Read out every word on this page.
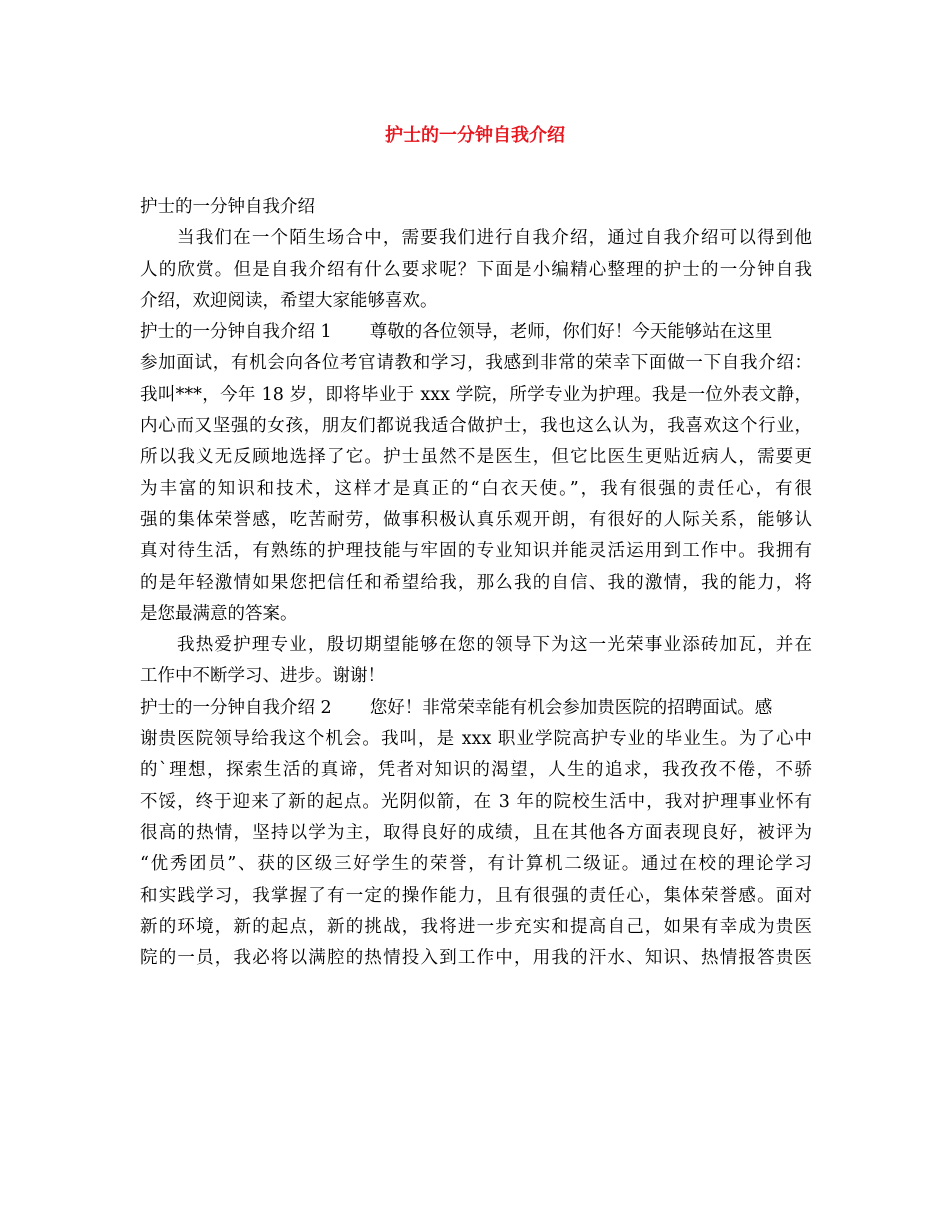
护士的一分钟自我介绍
护士的一分钟自我介绍
当我们在一个陌生场合中，需要我们进行自我介绍，通过自我介绍可以得到他
人的欣赏。但是自我介绍有什么要求呢？下面是小编精心整理的护士的一分钟自我
介绍，欢迎阅读，希望大家能够喜欢。
护士的一分钟自我介绍 1 尊敬的各位领导，老师，你们好！今天能够站在这里
参加面试，有机会向各位考官请教和学习，我感到非常的荣幸下面做一下自我介绍：
我叫***，今年 18 岁，即将毕业于 xxx 学院，所学专业为护理。我是一位外表文静，
内心而又坚强的女孩，朋友们都说我适合做护士，我也这么认为，我喜欢这个行业，
所以我义无反顾地选择了它。护士虽然不是医生，但它比医生更贴近病人，需要更
为丰富的知识和技术，这样才是真正的“白衣天使。”，我有很强的责任心，有很
强的集体荣誉感，吃苦耐劳，做事积极认真乐观开朗，有很好的人际关系，能够认
真对待生活，有熟练的护理技能与牢固的专业知识并能灵活运用到工作中。我拥有
的是年轻激情如果您把信任和希望给我，那么我的自信、我的激情，我的能力，将
是您最满意的答案。
我热爱护理专业，殷切期望能够在您的领导下为这一光荣事业添砖加瓦，并在
工作中不断学习、进步。谢谢！
护士的一分钟自我介绍 2 您好！非常荣幸能有机会参加贵医院的招聘面试。感
谢贵医院领导给我这个机会。我叫，是 xxx 职业学院高护专业的毕业生。为了心中
的`理想，探索生活的真谛，凭者对知识的渴望，人生的追求，我孜孜不倦，不骄
不馁，终于迎来了新的起点。光阴似箭，在 3 年的院校生活中，我对护理事业怀有
很高的热情，坚持以学为主，取得良好的成绩，且在其他各方面表现良好，被评为
“优秀团员”、获的区级三好学生的荣誉，有计算机二级证。通过在校的理论学习
和实践学习，我掌握了有一定的操作能力，且有很强的责任心，集体荣誉感。面对
新的环境，新的起点，新的挑战，我将进一步充实和提高自己，如果有幸成为贵医
院的一员，我必将以满腔的热情投入到工作中，用我的汗水、知识、热情报答贵医
